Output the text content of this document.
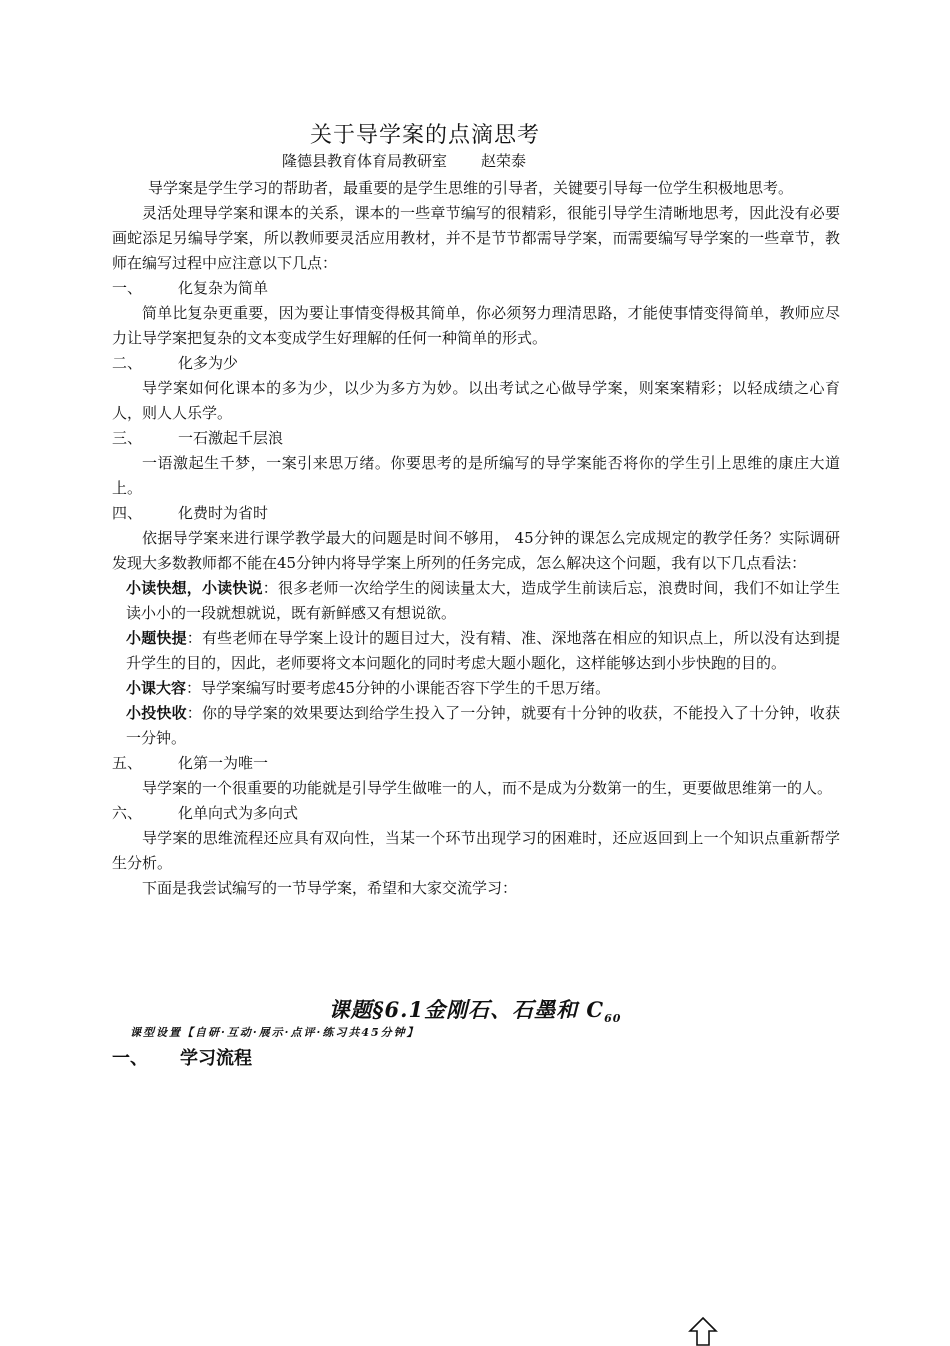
关于导学案的点滴思考
隆德县教育体育局教研室 赵荣泰

导学案是学生学习的帮助者，最重要的是学生思维的引导者，关键要引导每一位学生积极地思考。

灵活处理导学案和课本的关系，课本的一些章节编写的很精彩，很能引导学生清晰地思考，因此没有必要画蛇添足另编导学案，所以教师要灵活应用教材，并不是节节都需导学案，而需要编写导学案的一些章节，教师在编写过程中应注意以下几点：

一、 化复杂为简单

简单比复杂更重要，因为要让事情变得极其简单，你必须努力理清思路，才能使事情变得简单，教师应尽力让导学案把复杂的文本变成学生好理解的任何一种简单的形式。

二、 化多为少

导学案如何化课本的多为少，以少为多方为妙。以出考试之心做导学案，则案案精彩；以轻成绩之心育人，则人人乐学。

三、 一石激起千层浪

一语激起生千梦，一案引来思万绪。你要思考的是所编写的导学案能否将你的学生引上思维的康庄大道上。

四、 化费时为省时

依据导学案来进行课学教学最大的问题是时间不够用， 45分钟的课怎么完成规定的教学任务？实际调研发现大多数教师都不能在45分钟内将导学案上所列的任务完成，怎么解决这个问题，我有以下几点看法：

小读快想，小读快说：很多老师一次给学生的阅读量太大，造成学生前读后忘，浪费时间，我们不如让学生读小小的一段就想就说，既有新鲜感又有想说欲。

小题快提：有些老师在导学案上设计的题目过大，没有精、准、深地落在相应的知识点上，所以没有达到提升学生的目的，因此，老师要将文本问题化的同时考虑大题小题化，这样能够达到小步快跑的目的。

小课大容：导学案编写时要考虑45分钟的小课能否容下学生的千思万绪。

小投快收：你的导学案的效果要达到给学生投入了一分钟，就要有十分钟的收获，不能投入了十分钟，收获一分钟。

五、 化第一为唯一

导学案的一个很重要的功能就是引导学生做唯一的人，而不是成为分数第一的生，更要做思维第一的人。

六、 化单向式为多向式

导学案的思维流程还应具有双向性，当某一个环节出现学习的困难时，还应返回到上一个知识点重新帮学生分析。

下面是我尝试编写的一节导学案，希望和大家交流学习：

课题§6.1金刚石、石墨和 $C_{60}$
课型设置【自研·互动·展示·点评·练习共45分钟】
一、 学习流程
